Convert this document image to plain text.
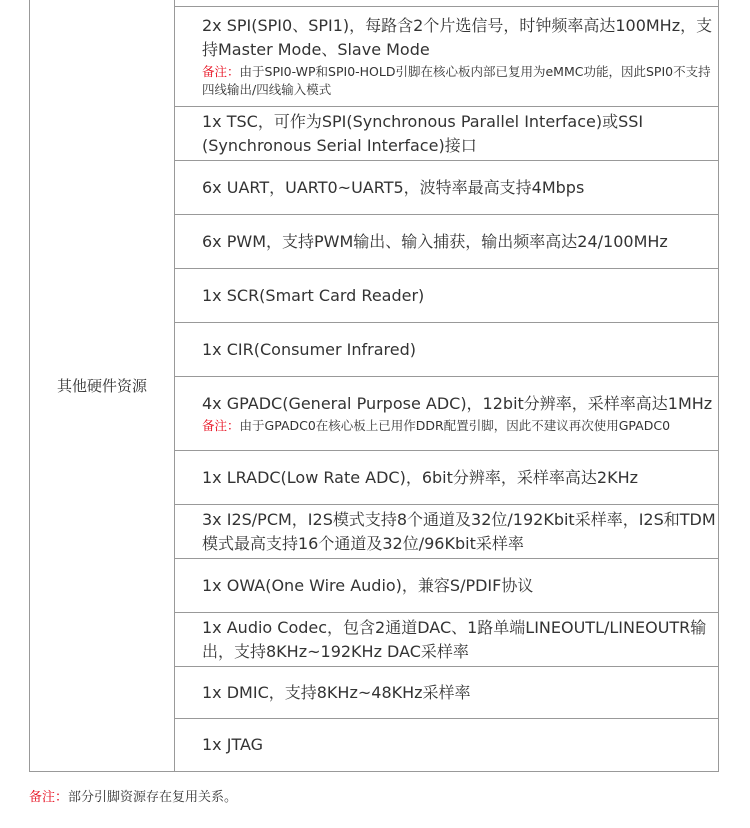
其他硬件资源
2x SPI(SPI0、SPI1)，每路含2个片选信号，时钟频率高达100MHz，支持Master Mode、Slave Mode
备注：由于SPI0-WP和SPI0-HOLD引脚在核心板内部已复用为eMMC功能，因此SPI0不支持四线输出/四线输入模式
1x TSC，可作为SPI(Synchronous Parallel Interface)或SSI (Synchronous Serial Interface)接口
6x UART，UART0~UART5，波特率最高支持4Mbps
6x PWM，支持PWM输出、输入捕获，输出频率高达24/100MHz
1x SCR(Smart Card Reader)
1x CIR(Consumer Infrared)
4x GPADC(General Purpose ADC)，12bit分辨率，采样率高达1MHz
备注：由于GPADC0在核心板上已用作DDR配置引脚，因此不建议再次使用GPADC0
1x LRADC(Low Rate ADC)，6bit分辨率，采样率高达2KHz
3x I2S/PCM，I2S模式支持8个通道及32位/192Kbit采样率，I2S和TDM模式最高支持16个通道及32位/96Kbit采样率
1x OWA(One Wire Audio)，兼容S/PDIF协议
1x Audio Codec，包含2通道DAC、1路单端LINEOUTL/LINEOUTR输出，支持8KHz~192KHz DAC采样率
1x DMIC，支持8KHz~48KHz采样率
1x JTAG
备注：部分引脚资源存在复用关系。
